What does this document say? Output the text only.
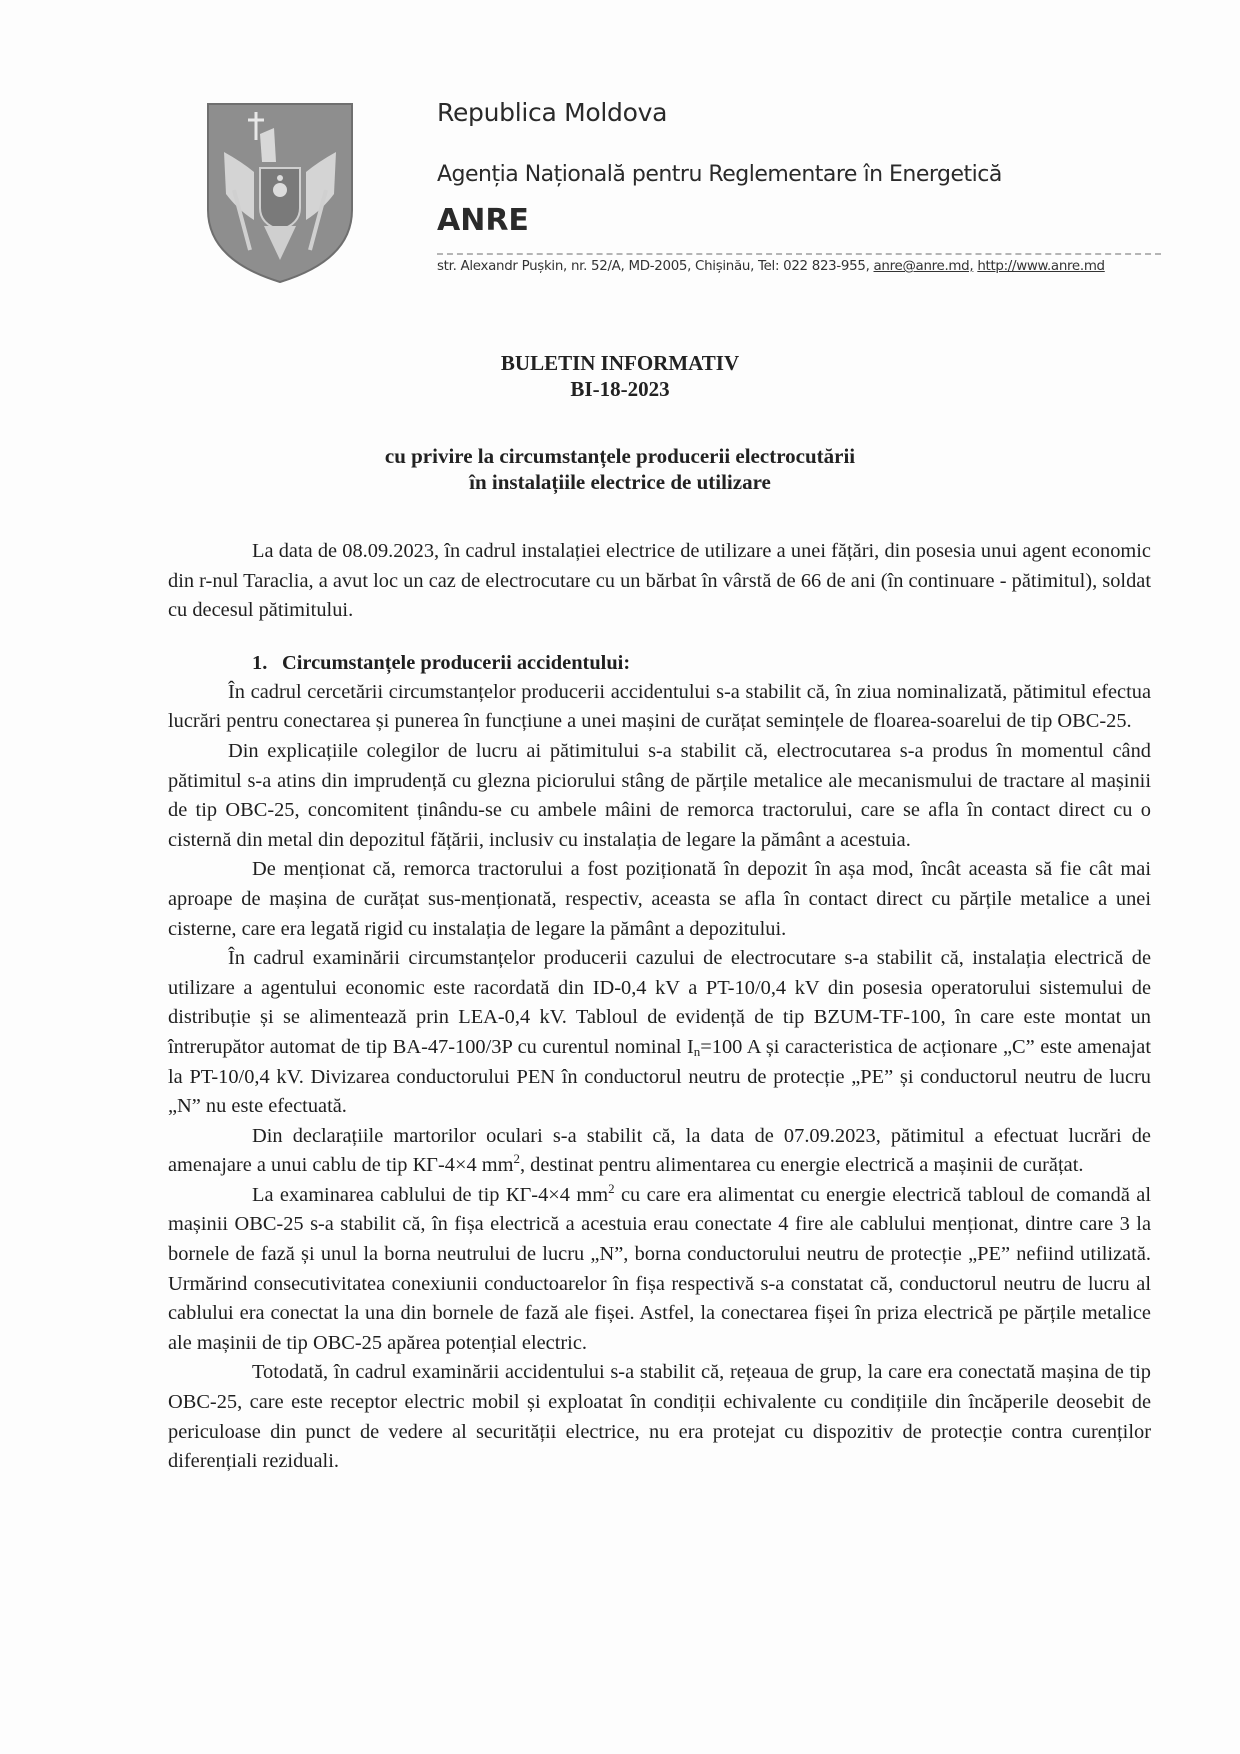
Republica Moldova
Agenția Națională pentru Reglementare în Energetică
ANRE
str. Alexandr Pușkin, nr. 52/A, MD-2005, Chișinău, Tel: 022 823-955, anre@anre.md, http://www.anre.md
BULETIN INFORMATIV
BI-18-2023
cu privire la circumstanțele producerii electrocutării
în instalațiile electrice de utilizare

La data de 08.09.2023, în cadrul instalației electrice de utilizare a unei fățări, din posesia unui agent economic din r-nul Taraclia, a avut loc un caz de electrocutare cu un bărbat în vârstă de 66 de ani (în continuare - pătimitul), soldat cu decesul pătimitului.

1. Circumstanțele producerii accidentului:

În cadrul cercetării circumstanțelor producerii accidentului s-a stabilit că, în ziua nominalizată, pătimitul efectua lucrări pentru conectarea și punerea în funcțiune a unei mașini de curățat semințele de floarea-soarelui de tip OBC-25.

Din explicațiile colegilor de lucru ai pătimitului s-a stabilit că, electrocutarea s-a produs în momentul când pătimitul s-a atins din imprudență cu glezna piciorului stâng de părțile metalice ale mecanismului de tractare al mașinii de tip OBC-25, concomitent ținându-se cu ambele mâini de remorca tractorului, care se afla în contact direct cu o cisternă din metal din depozitul fățării, inclusiv cu instalația de legare la pământ a acestuia.

De menționat că, remorca tractorului a fost poziționată în depozit în așa mod, încât aceasta să fie cât mai aproape de mașina de curățat sus-menționată, respectiv, aceasta se afla în contact direct cu părțile metalice a unei cisterne, care era legată rigid cu instalația de legare la pământ a depozitului.

În cadrul examinării circumstanțelor producerii cazului de electrocutare s-a stabilit că, instalația electrică de utilizare a agentului economic este racordată din ID-0,4 kV a PT-10/0,4 kV din posesia operatorului sistemului de distribuție și se alimentează prin LEA-0,4 kV. Tabloul de evidență de tip BZUM-TF-100, în care este montat un întrerupător automat de tip BA-47-100/3P cu curentul nominal $I_n=100$ A și caracteristica de acționare „C” este amenajat la PT-10/0,4 kV. Divizarea conductorului PEN în conductorul neutru de protecție „PE” și conductorul neutru de lucru „N” nu este efectuată.

Din declarațiile martorilor oculari s-a stabilit că, la data de 07.09.2023, pătimitul a efectuat lucrări de amenajare a unui cablu de tip КГ-4×4 $mm^2$, destinat pentru alimentarea cu energie electrică a mașinii de curățat.

La examinarea cablului de tip КГ-4×4 $mm^2$ cu care era alimentat cu energie electrică tabloul de comandă al mașinii OBC-25 s-a stabilit că, în fișa electrică a acestuia erau conectate 4 fire ale cablului menționat, dintre care 3 la bornele de fază și unul la borna neutrului de lucru „N”, borna conductorului neutru de protecție „PE” nefiind utilizată. Urmărind consecutivitatea conexiunii conductoarelor în fișa respectivă s-a constatat că, conductorul neutru de lucru al cablului era conectat la una din bornele de fază ale fișei. Astfel, la conectarea fișei în priza electrică pe părțile metalice ale mașinii de tip OBC-25 apărea potențial electric.

Totodată, în cadrul examinării accidentului s-a stabilit că, rețeaua de grup, la care era conectată mașina de tip OBC-25, care este receptor electric mobil și exploatat în condiții echivalente cu condițiile din încăperile deosebit de periculoase din punct de vedere al securității electrice, nu era protejat cu dispozitiv de protecție contra curenților diferențiali reziduali.
